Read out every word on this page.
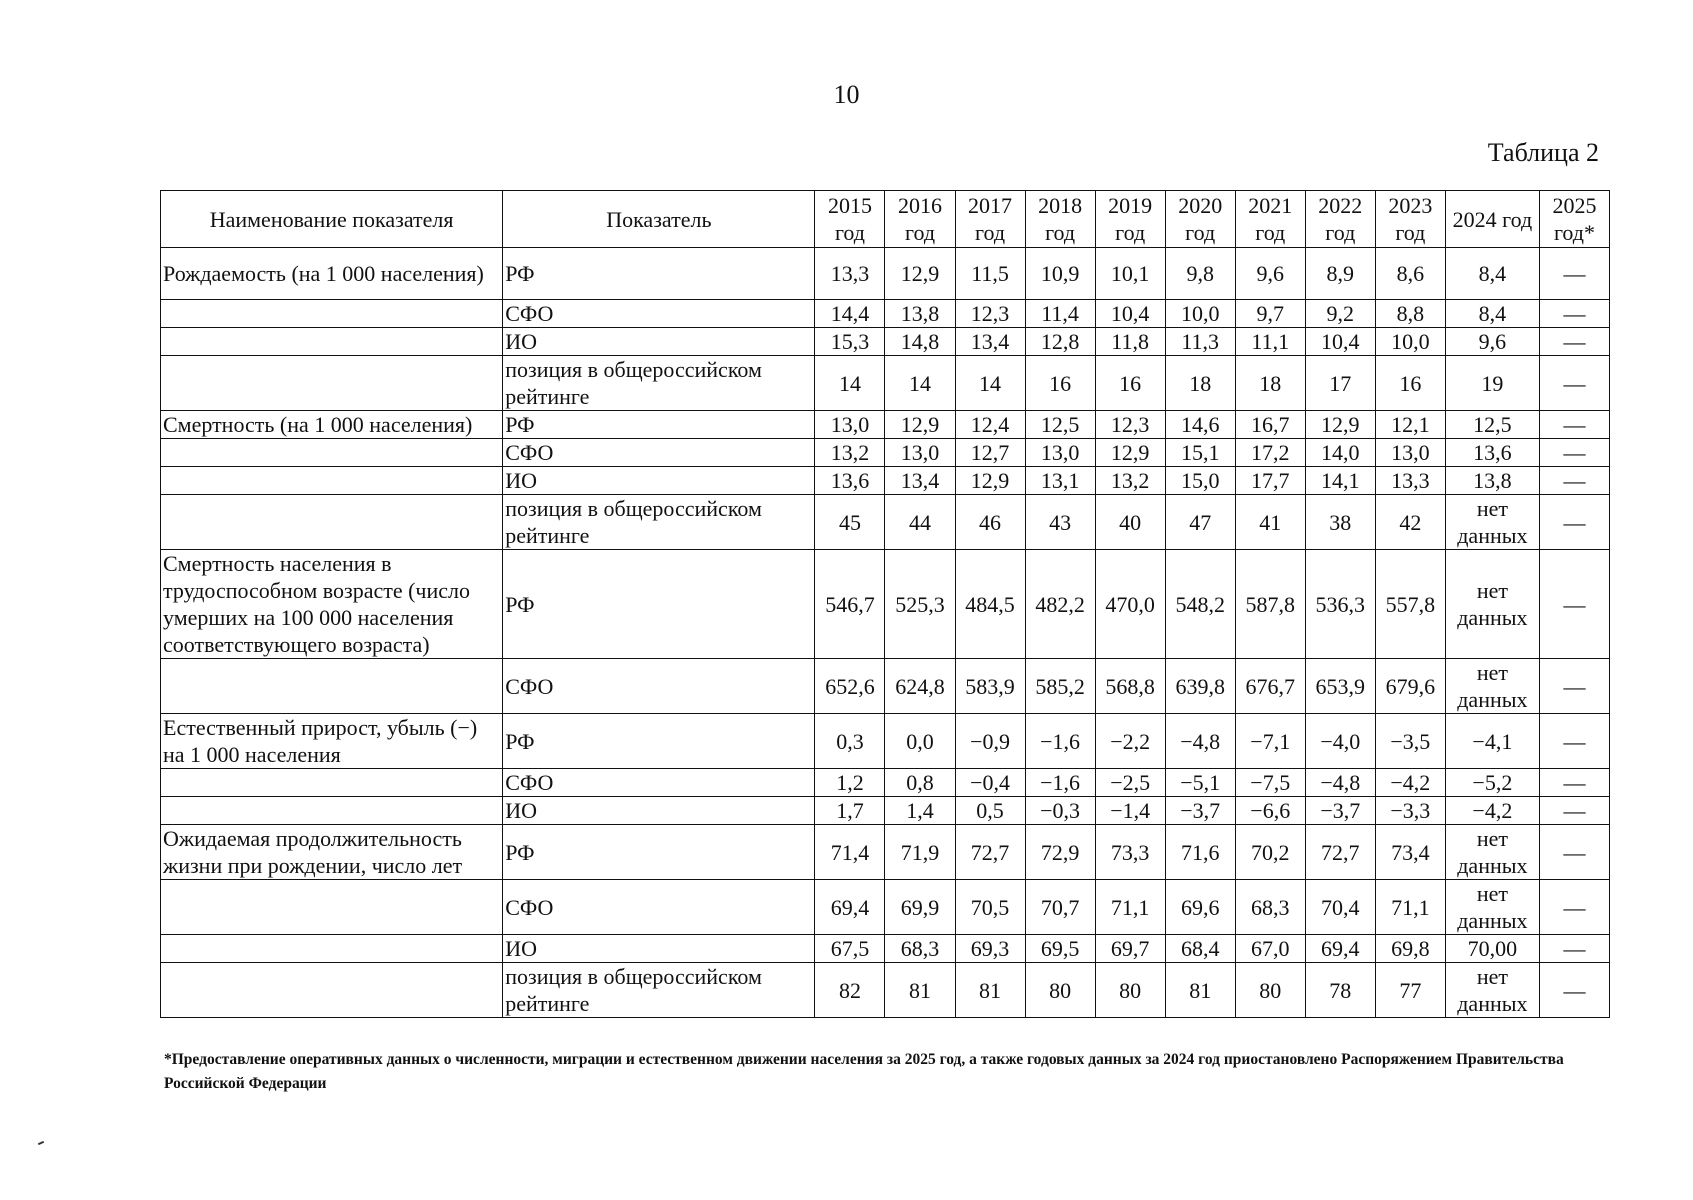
10
Таблица 2
Наименование показателя	Показатель	2015 год	2016 год	2017 год	2018 год	2019 год	2020 год	2021 год	2022 год	2023 год	2024 год	2025 год*
Рождаемость (на 1 000 населения)	РФ	13,3	12,9	11,5	10,9	10,1	9,8	9,6	8,9	8,6	8,4	—
	СФО	14,4	13,8	12,3	11,4	10,4	10,0	9,7	9,2	8,8	8,4	—
	ИО	15,3	14,8	13,4	12,8	11,8	11,3	11,1	10,4	10,0	9,6	—
	позиция в общероссийском рейтинге	14	14	14	16	16	18	18	17	16	19	—
Смертность (на 1 000 населения)	РФ	13,0	12,9	12,4	12,5	12,3	14,6	16,7	12,9	12,1	12,5	—
	СФО	13,2	13,0	12,7	13,0	12,9	15,1	17,2	14,0	13,0	13,6	—
	ИО	13,6	13,4	12,9	13,1	13,2	15,0	17,7	14,1	13,3	13,8	—
	позиция в общероссийском рейтинге	45	44	46	43	40	47	41	38	42	нет данных	—
Смертность населения в трудоспособном возрасте (число умерших на 100 000 населения соответствующего возраста)	РФ	546,7	525,3	484,5	482,2	470,0	548,2	587,8	536,3	557,8	нет данных	—
	СФО	652,6	624,8	583,9	585,2	568,8	639,8	676,7	653,9	679,6	нет данных	—
Естественный прирост, убыль (−) на 1 000 населения	РФ	0,3	0,0	−0,9	−1,6	−2,2	−4,8	−7,1	−4,0	−3,5	−4,1	—
	СФО	1,2	0,8	−0,4	−1,6	−2,5	−5,1	−7,5	−4,8	−4,2	−5,2	—
	ИО	1,7	1,4	0,5	−0,3	−1,4	−3,7	−6,6	−3,7	−3,3	−4,2	—
Ожидаемая продолжительность жизни при рождении, число лет	РФ	71,4	71,9	72,7	72,9	73,3	71,6	70,2	72,7	73,4	нет данных	—
	СФО	69,4	69,9	70,5	70,7	71,1	69,6	68,3	70,4	71,1	нет данных	—
	ИО	67,5	68,3	69,3	69,5	69,7	68,4	67,0	69,4	69,8	70,00	—
	позиция в общероссийском рейтинге	82	81	81	80	80	81	80	78	77	нет данных	—
*Предоставление оперативных данных о численности, миграции и естественном движении населения за 2025 год, а также годовых данных за 2024 год приостановлено Распоряжением Правительства Российской Федерации
